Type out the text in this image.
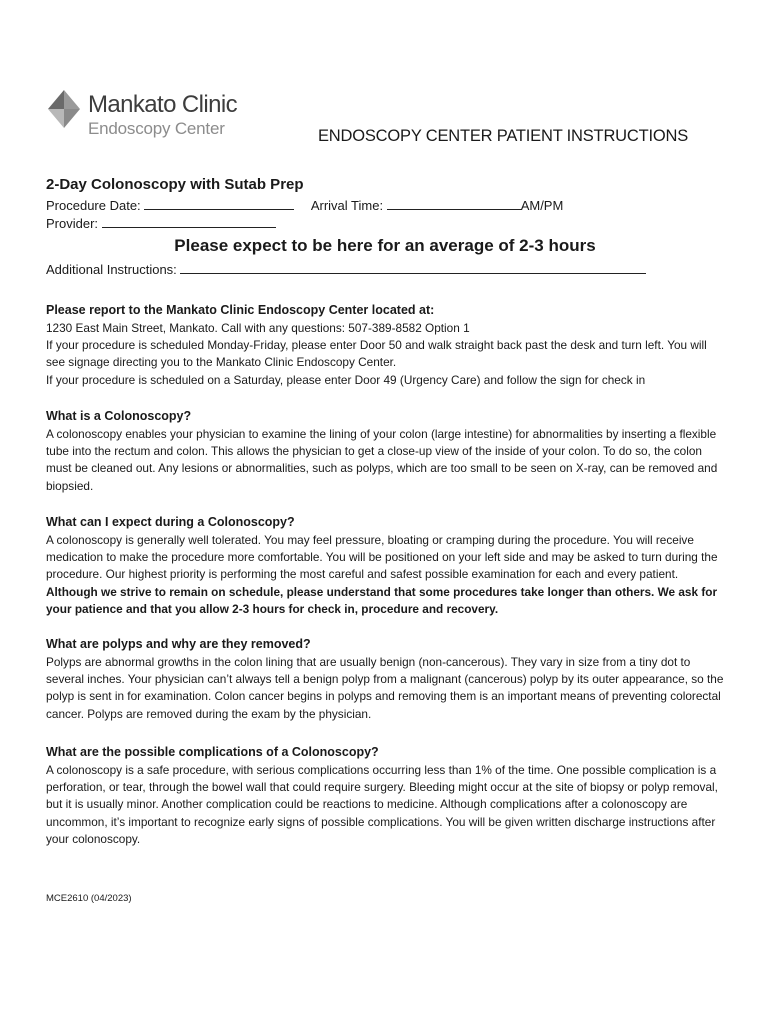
Mankato Clinic
Endoscopy Center	ENDOSCOPY CENTER PATIENT INSTRUCTIONS
2-Day Colonoscopy with Sutab Prep
Procedure Date:	Arrival Time:	AM/PM
Provider:
Please expect to be here for an average of 2-3 hours
Additional Instructions:
Please report to the Mankato Clinic Endoscopy Center located at:

1230 East Main Street, Mankato. Call with any questions: 507-389-8582 Option 1

If your procedure is scheduled Monday-Friday, please enter Door 50 and walk straight back past the desk and turn left. You will see signage directing you to the Mankato Clinic Endoscopy Center.

If your procedure is scheduled on a Saturday, please enter Door 49 (Urgency Care) and follow the sign for check in

What is a Colonoscopy?

A colonoscopy enables your physician to examine the lining of your colon (large intestine) for abnormalities by inserting a flexible tube into the rectum and colon. This allows the physician to get a close-up view of the inside of your colon. To do so, the colon must be cleaned out. Any lesions or abnormalities, such as polyps, which are too small to be seen on X-ray, can be removed and biopsied.

What can I expect during a Colonoscopy?

A colonoscopy is generally well tolerated. You may feel pressure, bloating or cramping during the procedure. You will receive medication to make the procedure more comfortable. You will be positioned on your left side and may be asked to turn during the procedure. Our highest priority is performing the most careful and safest possible examination for each and every patient. Although we strive to remain on schedule, please understand that some procedures take longer than others. We ask for your patience and that you allow 2-3 hours for check in, procedure and recovery.

What are polyps and why are they removed?

Polyps are abnormal growths in the colon lining that are usually benign (non-cancerous). They vary in size from a tiny dot to several inches. Your physician can’t always tell a benign polyp from a malignant (cancerous) polyp by its outer appearance, so the polyp is sent in for examination. Colon cancer begins in polyps and removing them is an important means of preventing colorectal cancer. Polyps are removed during the exam by the physician.

What are the possible complications of a Colonoscopy?

A colonoscopy is a safe procedure, with serious complications occurring less than 1% of the time. One possible complication is a perforation, or tear, through the bowel wall that could require surgery. Bleeding might occur at the site of biopsy or polyp removal, but it is usually minor. Another complication could be reactions to medicine. Although complications after a colonoscopy are uncommon, it’s important to recognize early signs of possible complications. You will be given written discharge instructions after your colonoscopy.

MCE2610 (04/2023)
